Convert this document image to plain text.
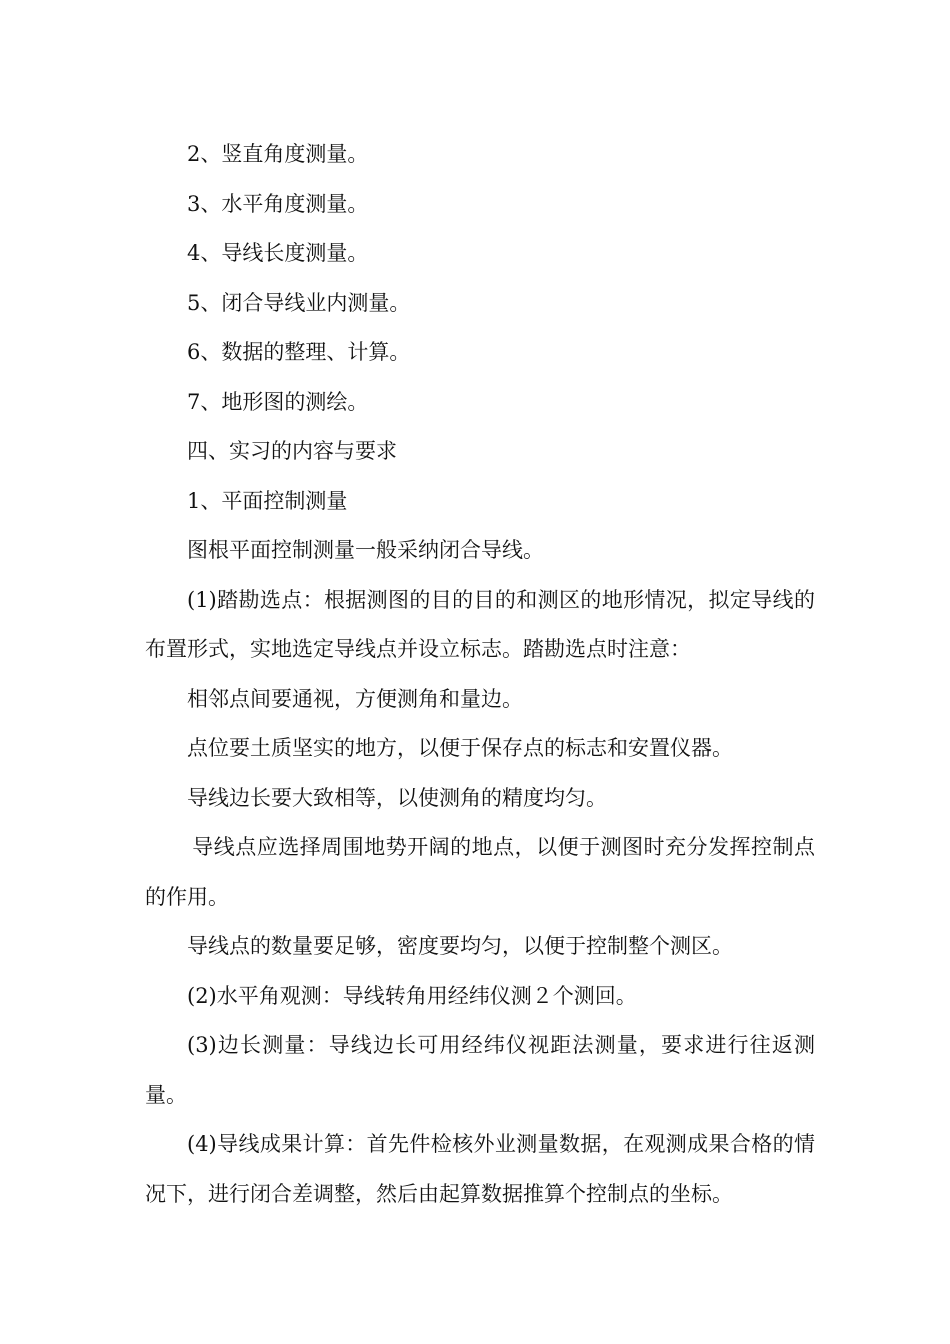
2、竖直角度测量。

3、水平角度测量。

4、导线长度测量。

5、闭合导线业内测量。

6、数据的整理、计算。

7、地形图的测绘。

四、实习的内容与要求

1、平面控制测量

图根平面控制测量一般采纳闭合导线。

(1)踏勘选点：根据测图的目的目的和测区的地形情况，拟定导线的布置形式，实地选定导线点并设立标志。踏勘选点时注意：

相邻点间要通视，方便测角和量边。

点位要土质坚实的地方，以便于保存点的标志和安置仪器。

导线边长要大致相等，以使测角的精度均匀。

导线点应选择周围地势开阔的地点，以便于测图时充分发挥控制点的作用。

导线点的数量要足够，密度要均匀，以便于控制整个测区。

(2)水平角观测：导线转角用经纬仪测２个测回。

(3)边长测量：导线边长可用经纬仪视距法测量，要求进行往返测量。

(4)导线成果计算：首先件检核外业测量数据，在观测成果合格的情况下，进行闭合差调整，然后由起算数据推算个控制点的坐标。
